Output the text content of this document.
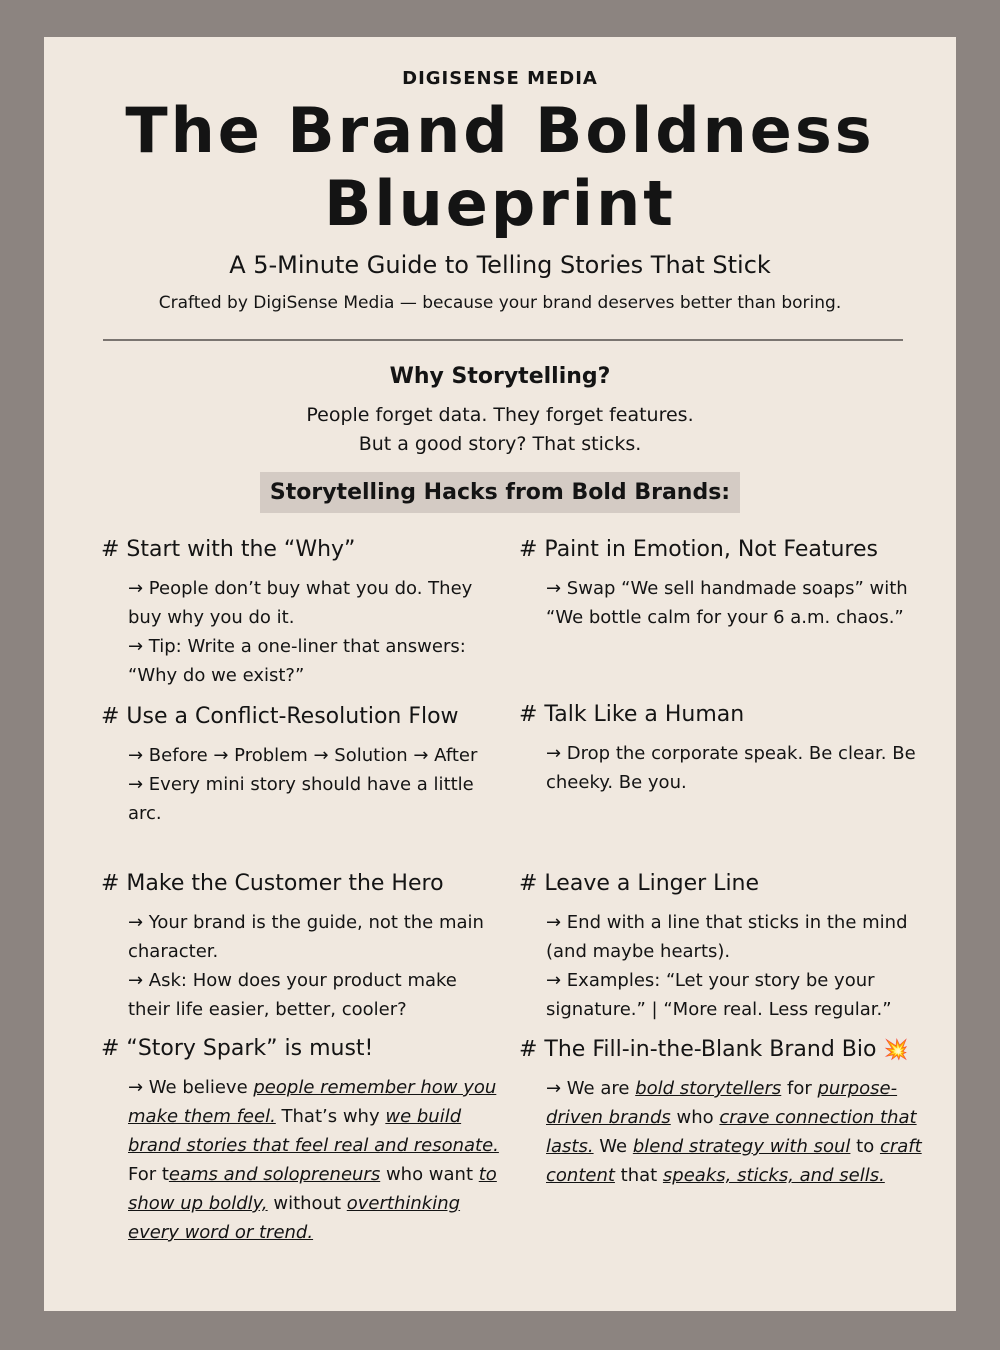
DIGISENSE MEDIA
The Brand Boldness
Blueprint
A 5-Minute Guide to Telling Stories That Stick
Crafted by DigiSense Media — because your brand deserves better than boring.
Why Storytelling?
People forget data. They forget features.
But a good story? That sticks.
Storytelling Hacks from Bold Brands:
# Start with the “Why”
→ People don’t buy what you do. They buy why you do it.
→ Tip: Write a one-liner that answers: “Why do we exist?”
# Paint in Emotion, Not Features
→ Swap “We sell handmade soaps” with “We bottle calm for your 6 a.m. chaos.”
# Use a Conflict-Resolution Flow
→ Before → Problem → Solution → After
→ Every mini story should have a little arc.
# Talk Like a Human
→ Drop the corporate speak. Be clear. Be cheeky. Be you.
# Make the Customer the Hero
→ Your brand is the guide, not the main character.
→ Ask: How does your product make their life easier, better, cooler?
# Leave a Linger Line
→ End with a line that sticks in the mind (and maybe hearts).
→ Examples: “Let your story be your signature.” | “More real. Less regular.”
# “Story Spark” is must!
→ We believe people remember how you make them feel. That’s why we build brand stories that feel real and resonate. For teams and solopreneurs who want to show up boldly, without overthinking every word or trend.
# The Fill-in-the-Blank Brand Bio 💥
→ We are bold storytellers for purpose-driven brands who crave connection that lasts. We blend strategy with soul to craft content that speaks, sticks, and sells.
